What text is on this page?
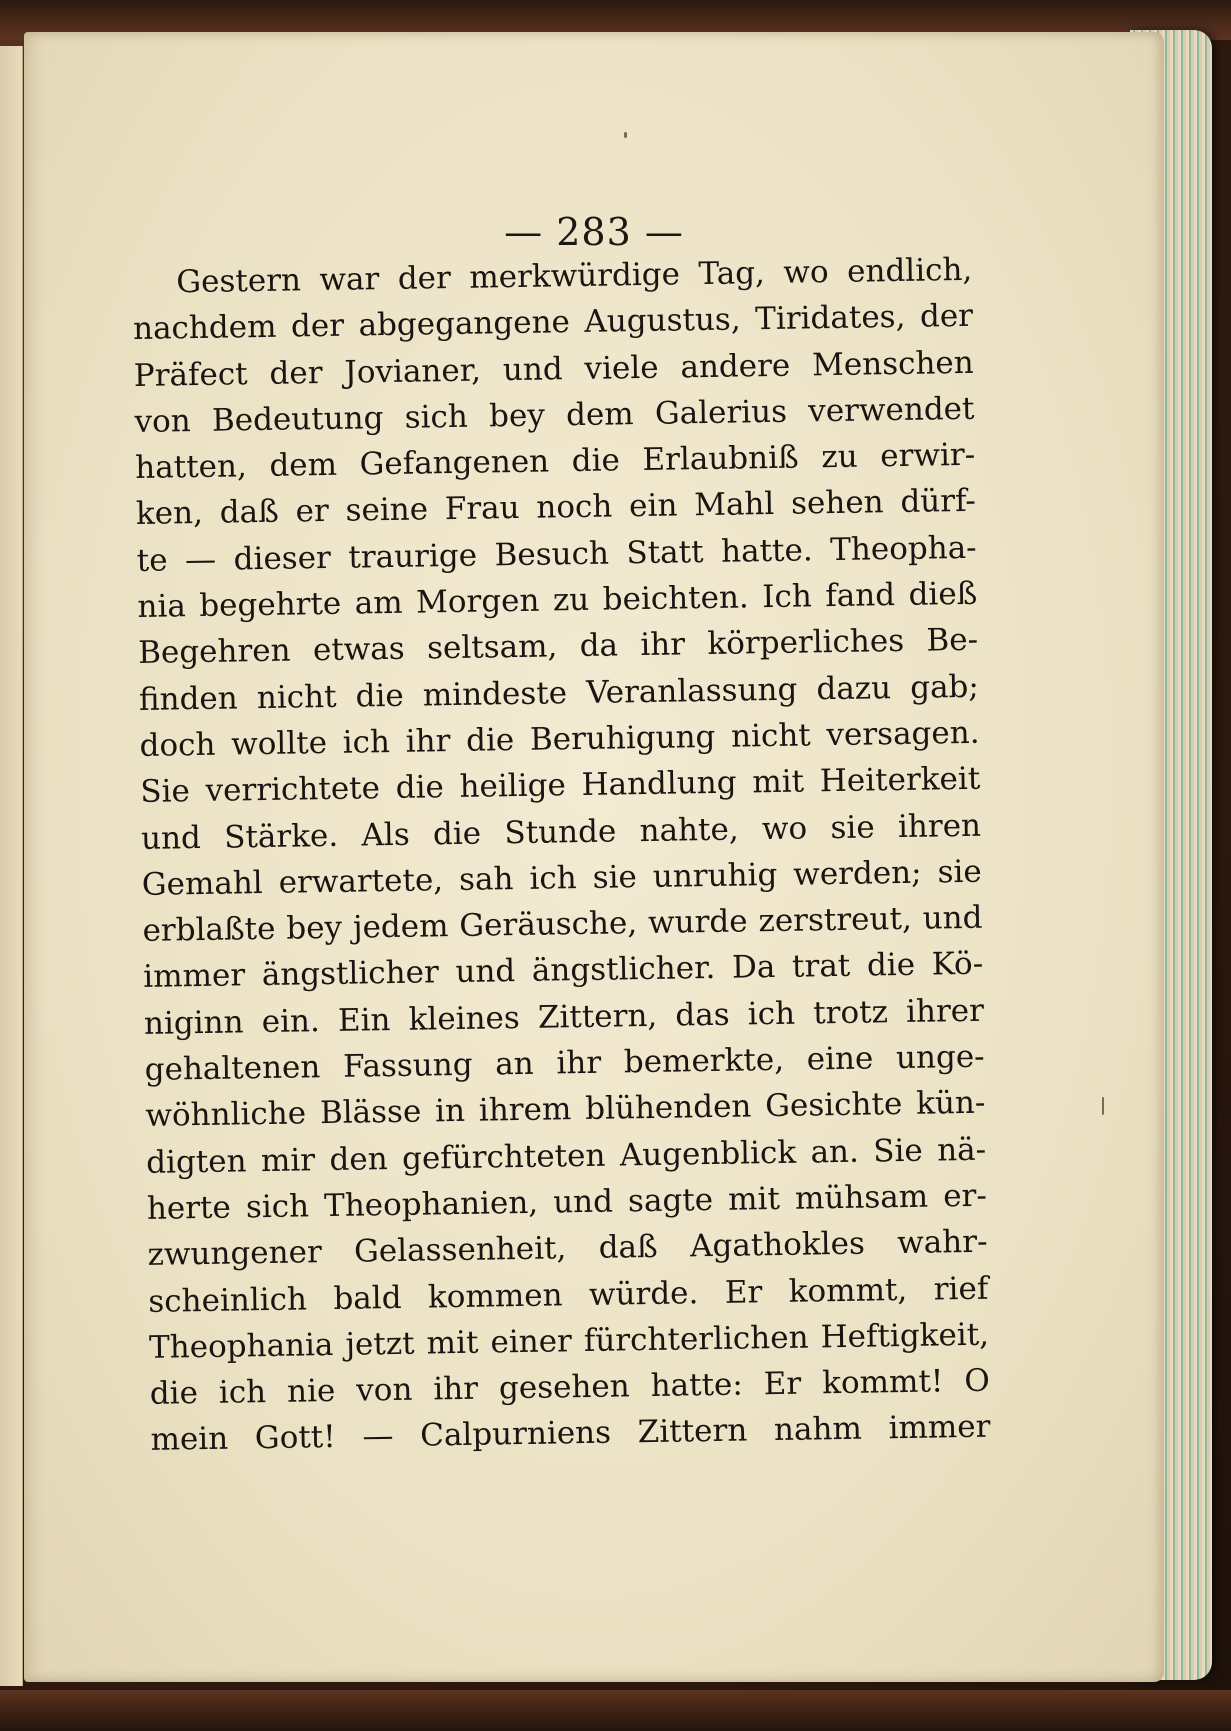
— 283 —
Gestern war der merkwürdige Tag, wo endlich,
nachdem der abgegangene Augustus, Tiridates, der
Präfect der Jovianer, und viele andere Menschen
von Bedeutung sich bey dem Galerius verwendet
hatten, dem Gefangenen die Erlaubniß zu erwir-
ken, daß er seine Frau noch ein Mahl sehen dürf-
te — dieser traurige Besuch Statt hatte. Theopha-
nia begehrte am Morgen zu beichten. Ich fand dieß
Begehren etwas seltsam, da ihr körperliches Be-
finden nicht die mindeste Veranlassung dazu gab;
doch wollte ich ihr die Beruhigung nicht versagen.
Sie verrichtete die heilige Handlung mit Heiterkeit
und Stärke. Als die Stunde nahte, wo sie ihren
Gemahl erwartete, sah ich sie unruhig werden; sie
erblaßte bey jedem Geräusche, wurde zerstreut, und
immer ängstlicher und ängstlicher. Da trat die Kö-
niginn ein. Ein kleines Zittern, das ich trotz ihrer
gehaltenen Fassung an ihr bemerkte, eine unge-
wöhnliche Blässe in ihrem blühenden Gesichte kün-
digten mir den gefürchteten Augenblick an. Sie nä-
herte sich Theophanien, und sagte mit mühsam er-
zwungener Gelassenheit, daß Agathokles wahr-
scheinlich bald kommen würde. Er kommt, rief
Theophania jetzt mit einer fürchterlichen Heftigkeit,
die ich nie von ihr gesehen hatte: Er kommt! O
mein Gott! — Calpurniens Zittern nahm immer
